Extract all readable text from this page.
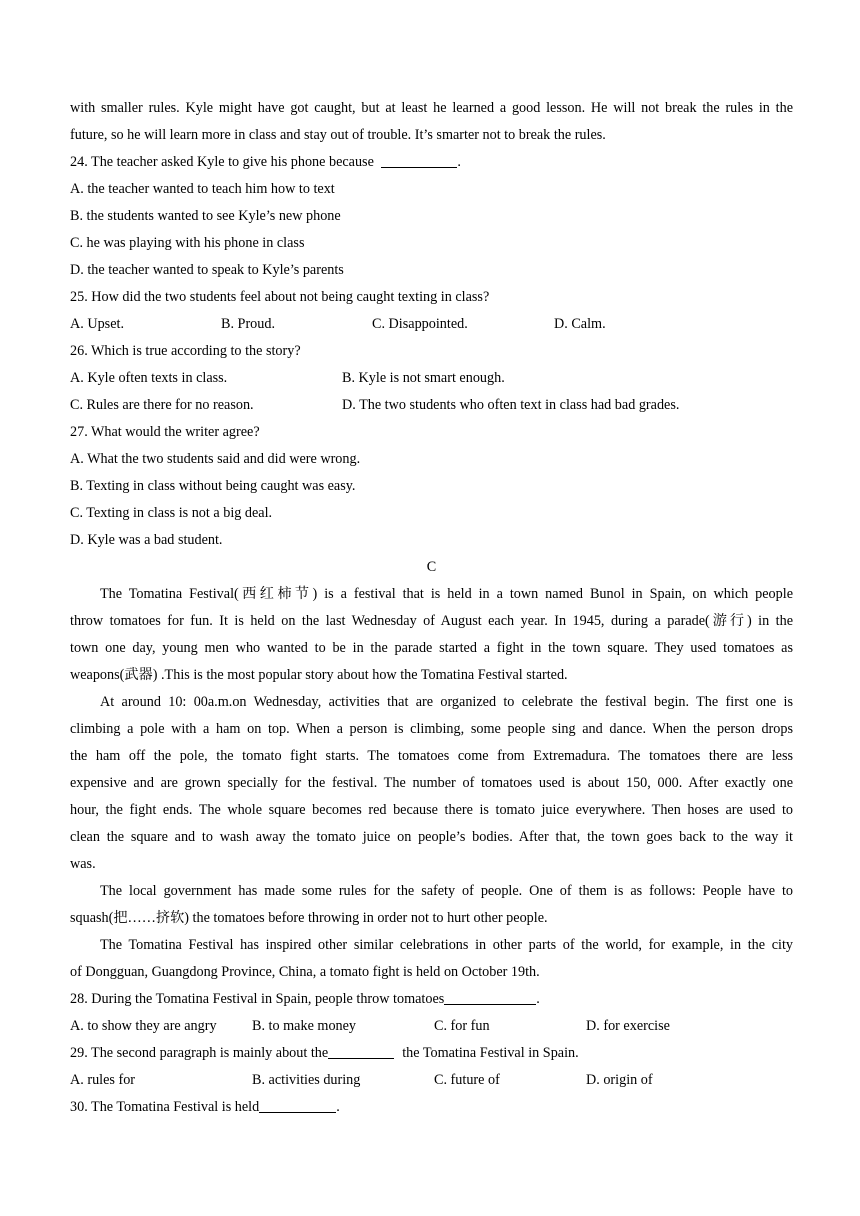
with smaller rules. Kyle might have got caught, but at least he learned a good lesson. He will not break the rules in the
future, so he will learn more in class and stay out of trouble. It’s smarter not to break the rules.
24. The teacher asked Kyle to give his phone because	.
A. the teacher wanted to teach him how to text
B. the students wanted to see Kyle’s new phone
C. he was playing with his phone in class
D. the teacher wanted to speak to Kyle’s parents
25. How did the two students feel about not being caught texting in class?
A. Upset.	B. Proud.	C. Disappointed.	D. Calm.
26. Which is true according to the story?
A. Kyle often texts in class.	B. Kyle is not smart enough.
C. Rules are there for no reason.	D. The two students who often text in class had bad grades.
27. What would the writer agree?
A. What the two students said and did were wrong.
B. Texting in class without being caught was easy.
C. Texting in class is not a big deal.
D. Kyle was a bad student.
C
The Tomatina Festival(西红柿节) is a festival that is held in a town named Bunol in Spain, on which people
throw tomatoes for fun. It is held on the last Wednesday of August each year. In 1945, during a parade(游行) in the
town one day, young men who wanted to be in the parade started a fight in the town square. They used tomatoes as
weapons(武器) .This is the most popular story about how the Tomatina Festival started.
At around 10: 00a.m.on Wednesday, activities that are organized to celebrate the festival begin. The first one is
climbing a pole with a ham on top. When a person is climbing, some people sing and dance. When the person drops
the ham off the pole, the tomato fight starts. The tomatoes come from Extremadura. The tomatoes there are less
expensive and are grown specially for the festival. The number of tomatoes used is about 150, 000. After exactly one
hour, the fight ends. The whole square becomes red because there is tomato juice everywhere. Then hoses are used to
clean the square and to wash away the tomato juice on people’s bodies. After that, the town goes back to the way it
was.
The local government has made some rules for the safety of people. One of them is as follows: People have to
squash(把……挤软) the tomatoes before throwing in order not to hurt other people.
The Tomatina Festival has inspired other similar celebrations in other parts of the world, for example, in the city
of Dongguan, Guangdong Province, China, a tomato fight is held on October 19th.
28. During the Tomatina Festival in Spain, people throw tomatoes	.
A. to show they are angry B. to make money	C. for fun	D. for exercise
29. The second paragraph is mainly about the	the Tomatina Festival in Spain.
A. rules for	B. activities during	C. future of	D. origin of
30. The Tomatina Festival is held	.
